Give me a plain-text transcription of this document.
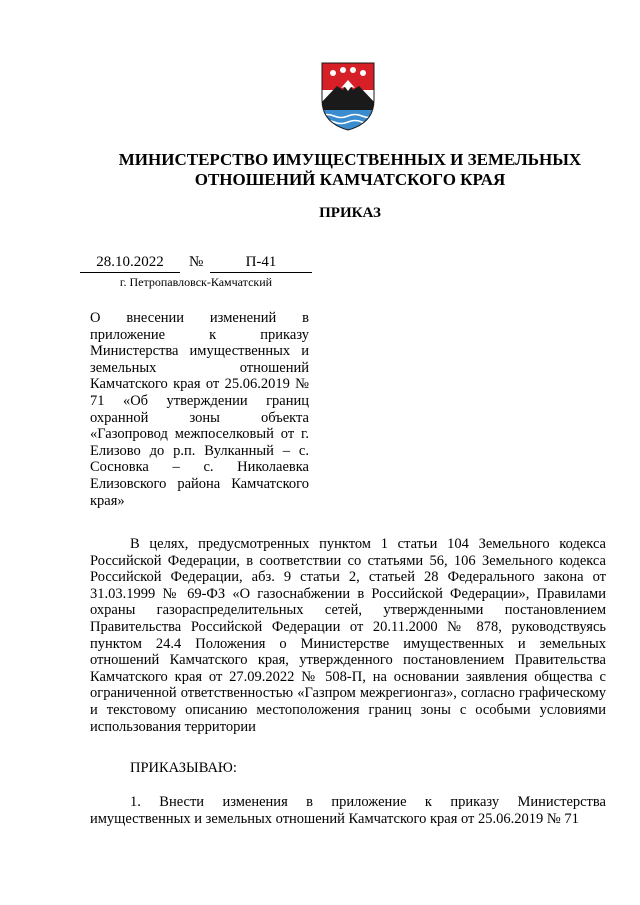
МИНИСТЕРСТВО ИМУЩЕСТВЕННЫХ И ЗЕМЕЛЬНЫХ ОТНОШЕНИЙ КАМЧАТСКОГО КРАЯ

ПРИКАЗ

28.10.2022	№	П-41
г. Петропавловск-Камчатский
О внесении изменений в приложение к приказу Министерства имущественных и земельных отношений Камчатского края от 25.06.2019 № 71 «Об утверждении границ охранной зоны объекта «Газопровод межпоселковый от г. Елизово до р.п. Вулканный – с. Сосновка – с. Николаевка Елизовского района Камчатского края»

В целях, предусмотренных пунктом 1 статьи 104 Земельного кодекса Российской Федерации, в соответствии со статьями 56, 106 Земельного кодекса Российской Федерации, абз. 9 статьи 2, статьей 28 Федерального закона от 31.03.1999 № 69-ФЗ «О газоснабжении в Российской Федерации», Правилами охраны газораспределительных сетей, утвержденными постановлением Правительства Российской Федерации от 20.11.2000 № 878, руководствуясь пунктом 24.4 Положения о Министерстве имущественных и земельных отношений Камчатского края, утвержденного постановлением Правительства Камчатского края от 27.09.2022 № 508-П, на основании заявления общества с ограниченной ответственностью «Газпром межрегионгаз», согласно графическому и текстовому описанию местоположения границ зоны с особыми условиями использования территории

ПРИКАЗЫВАЮ:

1. Внести изменения в приложение к приказу Министерства имущественных и земельных отношений Камчатского края от 25.06.2019 № 71
